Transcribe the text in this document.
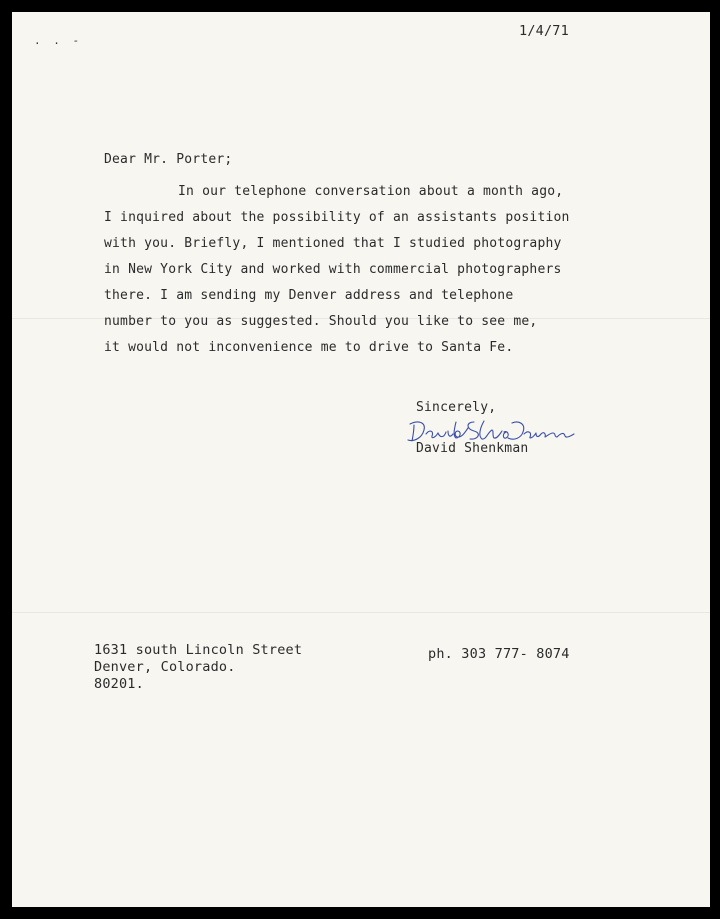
. . -
1/4/71
Dear Mr. Porter;
In our telephone conversation about a month ago,
I inquired about the possibility of an assistants position
with you. Briefly, I mentioned that I studied photography
in New York City and worked with commercial photographers
there. I am sending my Denver address and telephone
number to you as suggested. Should you like to see me,
it would not inconvenience me to drive to Santa Fe.
Sincerely,
David Shenkman
1631 south Lincoln Street
Denver, Colorado.
80201.
ph. 303 777- 8074
